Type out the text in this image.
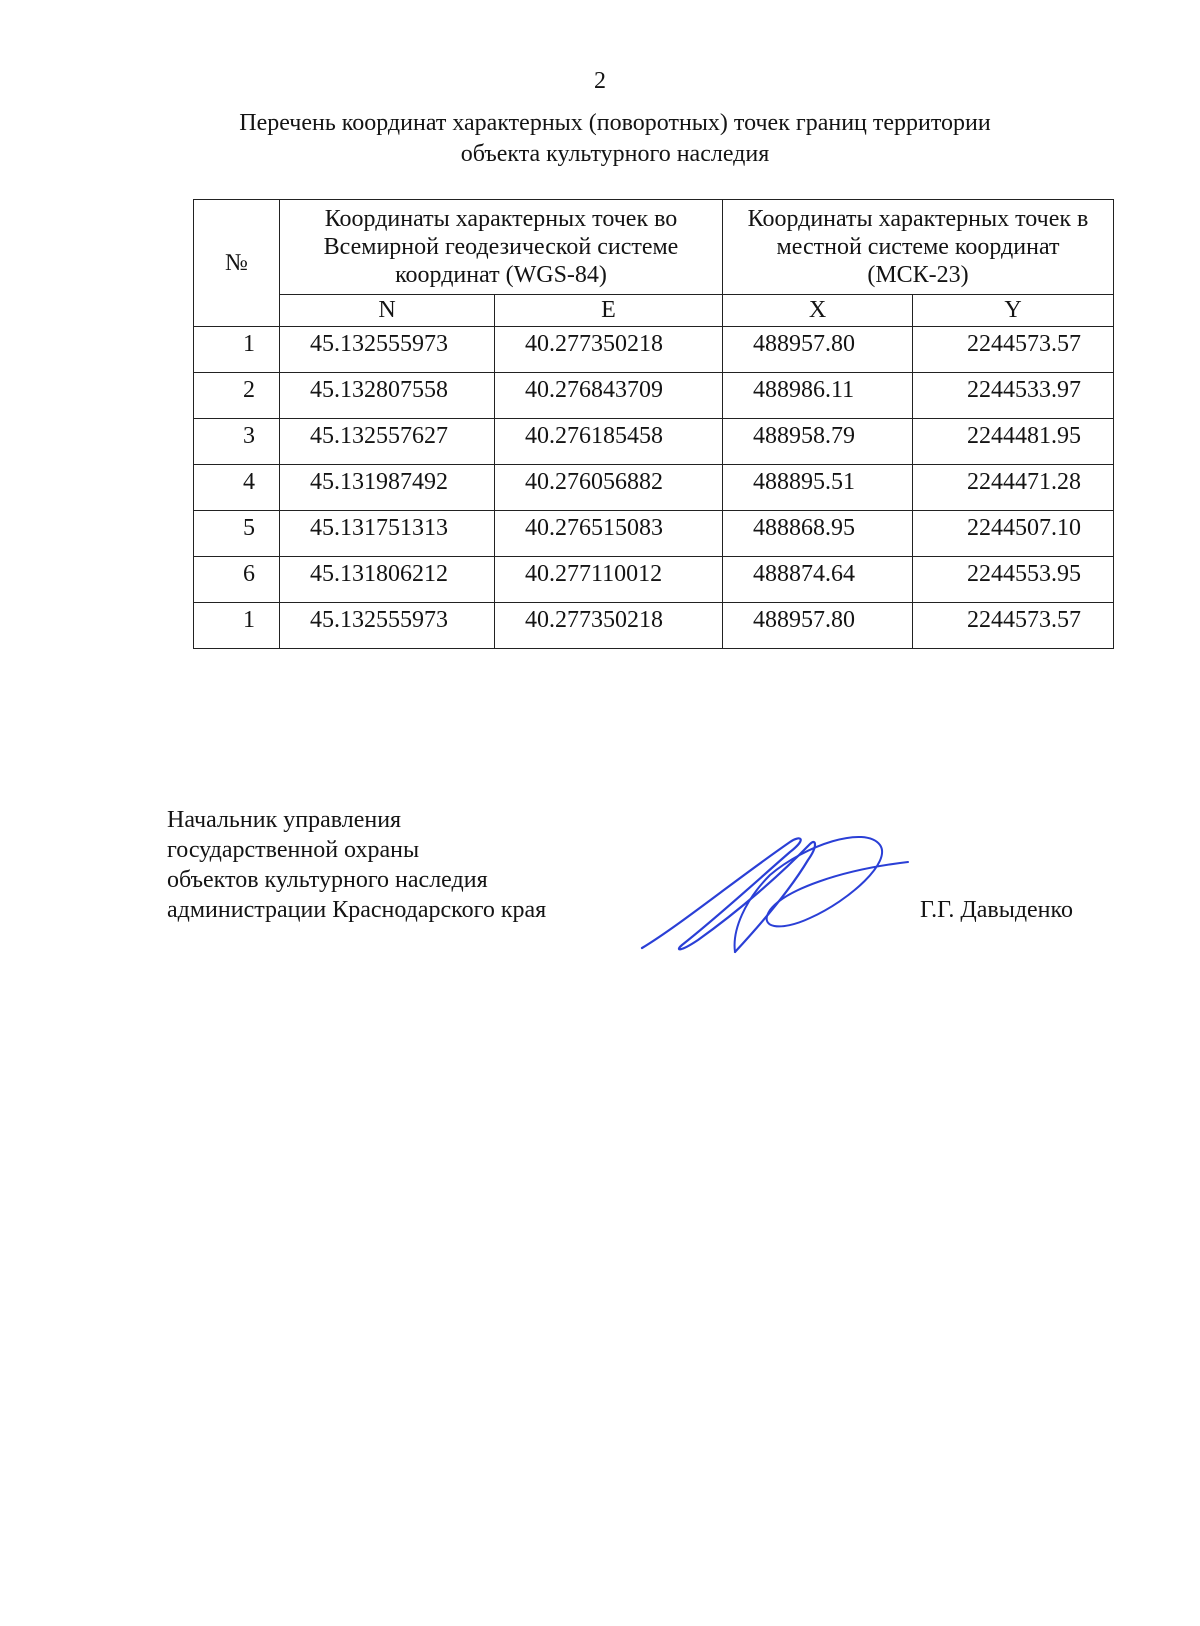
2
Перечень координат характерных (поворотных) точек границ территории
объекта культурного наследия
№	Координаты характерных точек во Всемирной геодезической системе координат (WGS-84)		Координаты характерных точек в местной системе координат (МСК-23)	
	N	E	X	Y
1	45.132555973	40.277350218	488957.80	2244573.57
2	45.132807558	40.276843709	488986.11	2244533.97
3	45.132557627	40.276185458	488958.79	2244481.95
4	45.131987492	40.276056882	488895.51	2244471.28
5	45.131751313	40.276515083	488868.95	2244507.10
6	45.131806212	40.277110012	488874.64	2244553.95
1	45.132555973	40.277350218	488957.80	2244573.57
Начальник управления
государственной охраны
объектов культурного наследия
администрации Краснодарского края	Г.Г. Давыденко
